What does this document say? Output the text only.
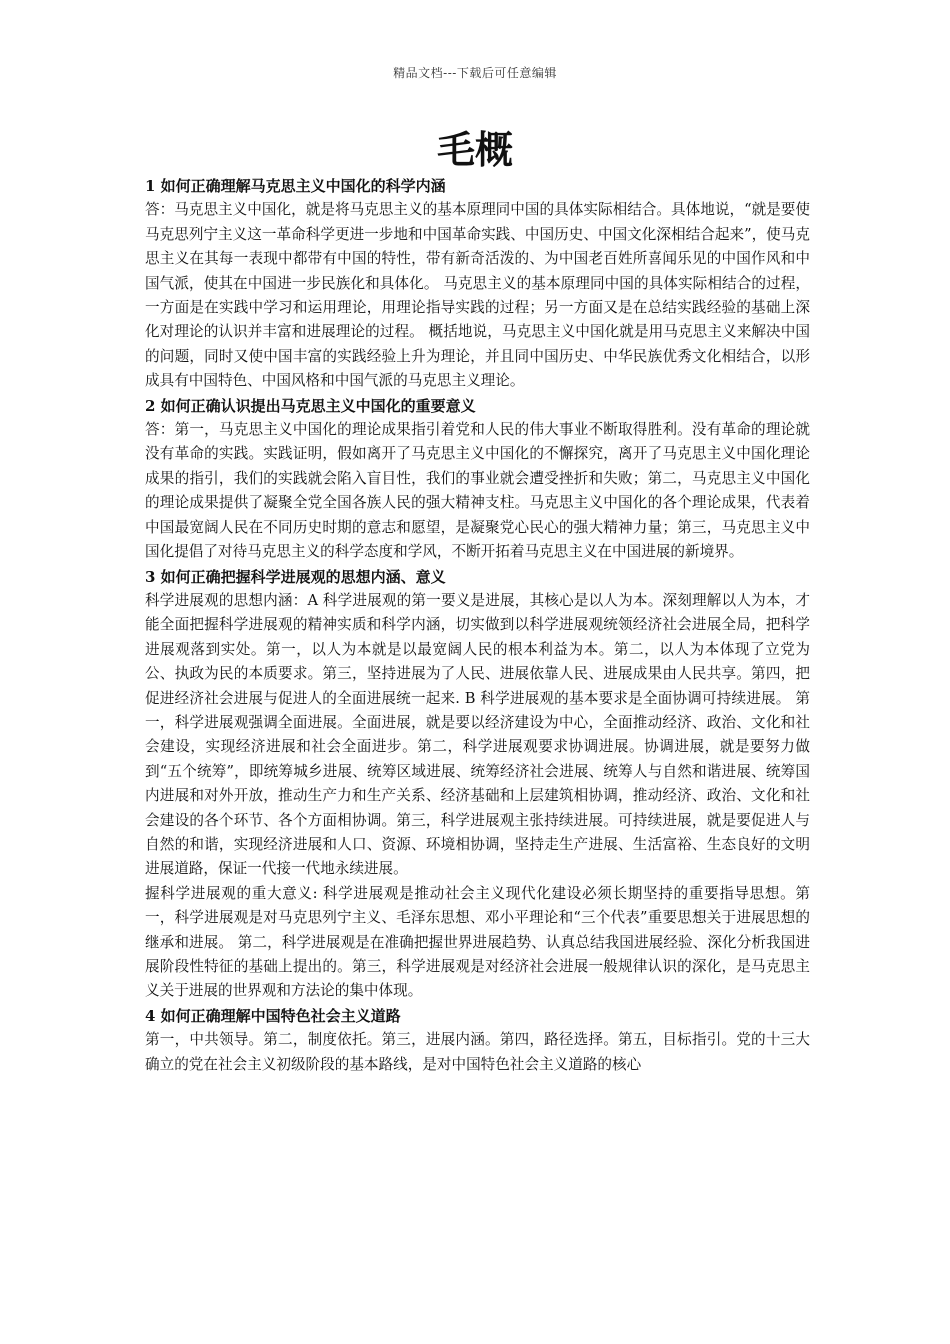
精品文档---下载后可任意编辑
毛概

1 如何正确理解马克思主义中国化的科学内涵

答：马克思主义中国化，就是将马克思主义的基本原理同中国的具体实际相结合。具体地说，“就是要使马克思列宁主义这一革命科学更进一步地和中国革命实践、中国历史、中国文化深相结合起来”，使马克思主义在其每一表现中都带有中国的特性，带有新奇活泼的、为中国老百姓所喜闻乐见的中国作风和中国气派，使其在中国进一步民族化和具体化。 马克思主义的基本原理同中国的具体实际相结合的过程，一方面是在实践中学习和运用理论，用理论指导实践的过程；另一方面又是在总结实践经验的基础上深化对理论的认识并丰富和进展理论的过程。 概括地说，马克思主义中国化就是用马克思主义来解决中国的问题，同时又使中国丰富的实践经验上升为理论，并且同中国历史、中华民族优秀文化相结合，以形成具有中国特色、中国风格和中国气派的马克思主义理论。

2 如何正确认识提出马克思主义中国化的重要意义

答：第一，马克思主义中国化的理论成果指引着党和人民的伟大事业不断取得胜利。没有革命的理论就没有革命的实践。实践证明，假如离开了马克思主义中国化的不懈探究，离开了马克思主义中国化理论成果的指引，我们的实践就会陷入盲目性，我们的事业就会遭受挫折和失败；第二，马克思主义中国化的理论成果提供了凝聚全党全国各族人民的强大精神支柱。马克思主义中国化的各个理论成果，代表着中国最宽阔人民在不同历史时期的意志和愿望，是凝聚党心民心的强大精神力量；第三，马克思主义中国化提倡了对待马克思主义的科学态度和学风，不断开拓着马克思主义在中国进展的新境界。

3 如何正确把握科学进展观的思想内涵、意义

科学进展观的思想内涵：A 科学进展观的第一要义是进展，其核心是以人为本。深刻理解以人为本，才能全面把握科学进展观的精神实质和科学内涵，切实做到以科学进展观统领经济社会进展全局，把科学进展观落到实处。第一，以人为本就是以最宽阔人民的根本利益为本。第二，以人为本体现了立党为公、执政为民的本质要求。第三，坚持进展为了人民、进展依靠人民、进展成果由人民共享。第四，把促进经济社会进展与促进人的全面进展统一起来. B 科学进展观的基本要求是全面协调可持续进展。 第一，科学进展观强调全面进展。全面进展，就是要以经济建设为中心，全面推动经济、政治、文化和社会建设，实现经济进展和社会全面进步。第二，科学进展观要求协调进展。协调进展，就是要努力做到“五个统筹”，即统筹城乡进展、统筹区域进展、统筹经济社会进展、统筹人与自然和谐进展、统筹国内进展和对外开放，推动生产力和生产关系、经济基础和上层建筑相协调，推动经济、政治、文化和社会建设的各个环节、各个方面相协调。第三，科学进展观主张持续进展。可持续进展，就是要促进人与自然的和谐，实现经济进展和人口、资源、环境相协调，坚持走生产进展、生活富裕、生态良好的文明进展道路，保证一代接一代地永续进展。

握科学进展观的重大意义: 科学进展观是推动社会主义现代化建设必须长期坚持的重要指导思想。第一，科学进展观是对马克思列宁主义、毛泽东思想、邓小平理论和“三个代表”重要思想关于进展思想的继承和进展。 第二，科学进展观是在准确把握世界进展趋势、认真总结我国进展经验、深化分析我国进展阶段性特征的基础上提出的。第三，科学进展观是对经济社会进展一般规律认识的深化，是马克思主义关于进展的世界观和方法论的集中体现。

4 如何正确理解中国特色社会主义道路

第一，中共领导。第二，制度依托。第三，进展内涵。第四，路径选择。第五，目标指引。党的十三大确立的党在社会主义初级阶段的基本路线，是对中国特色社会主义道路的核心
